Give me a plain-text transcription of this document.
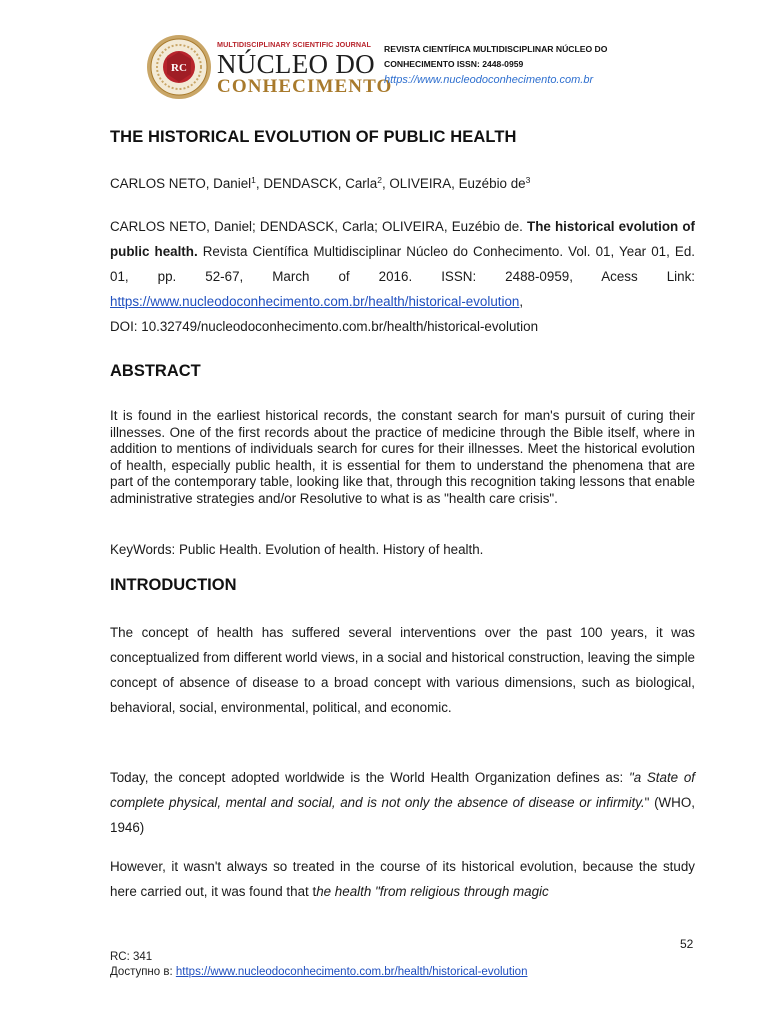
RC
MULTIDISCIPLINARY SCIENTIFIC JOURNAL
NÚCLEO DO
CONHECIMENTO
REVISTA CIENTÍFICA MULTIDISCIPLINAR NÚCLEO DO
CONHECIMENTO ISSN: 2448-0959
https://www.nucleodoconhecimento.com.br
THE HISTORICAL EVOLUTION OF PUBLIC HEALTH
CARLOS NETO, Daniel$^1$, DENDASCK, Carla$^2$, OLIVEIRA, Euzébio $de^3$
CARLOS NETO, Daniel; DENDASCK, Carla; OLIVEIRA, Euzébio de. The historical evolution of public health. Revista Científica Multidisciplinar Núcleo do Conhecimento. Vol. 01, Year 01, Ed. 01, pp. 52-67, March of 2016. ISSN: 2488-0959, Acess Link: https://www.nucleodoconhecimento.com.br/health/historical-evolution,
DOI: 10.32749/nucleodoconhecimento.com.br/health/historical-evolution
ABSTRACT
It is found in the earliest historical records, the constant search for man's pursuit of curing their illnesses. One of the first records about the practice of medicine through the Bible itself, where in addition to mentions of individuals search for cures for their illnesses. Meet the historical evolution of health, especially public health, it is essential for them to understand the phenomena that are part of the contemporary table, looking like that, through this recognition taking lessons that enable administrative strategies and/or Resolutive to what is as "health care crisis".
KeyWords: Public Health. Evolution of health. History of health.
INTRODUCTION
The concept of health has suffered several interventions over the past 100 years, it was conceptualized from different world views, in a social and historical construction, leaving the simple concept of absence of disease to a broad concept with various dimensions, such as biological, behavioral, social, environmental, political, and economic.
Today, the concept adopted worldwide is the World Health Organization defines as: "a State of complete physical, mental and social, and is not only the absence of disease or infirmity." (WHO, 1946)
However, it wasn't always so treated in the course of its historical evolution, because the study here carried out, it was found that the health "from religious through magic
52
RC: 341
Доступно в: https://www.nucleodoconhecimento.com.br/health/historical-evolution
